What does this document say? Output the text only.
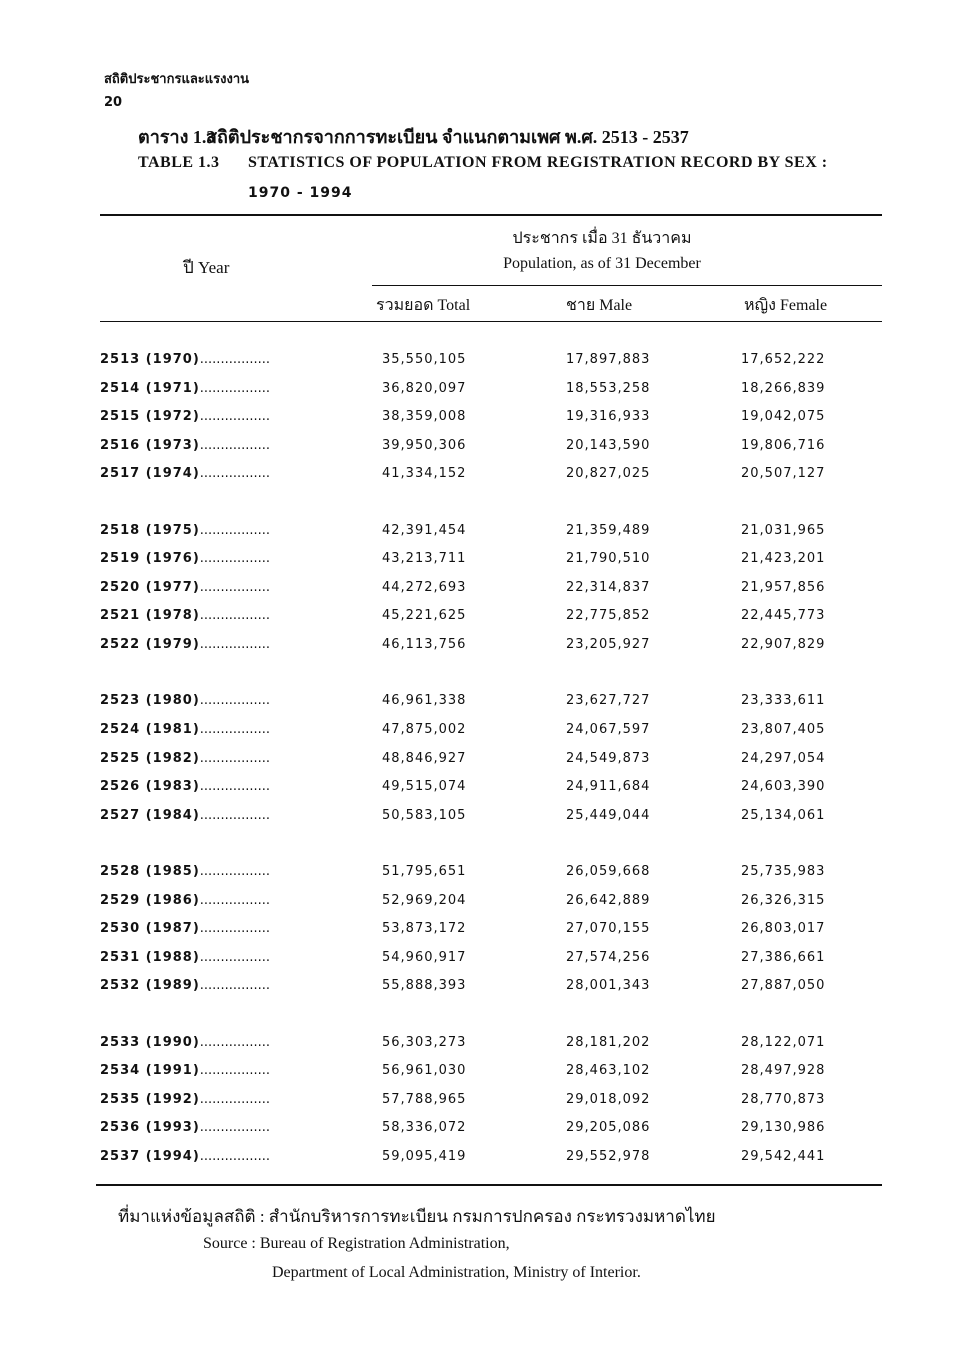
สถิติประชากรและแรงงาน
20
ตาราง 1.3สถิติประชากรจากการทะเบียน จำแนกตามเพศ พ.ศ. 2513 - 2537
TABLE 1.3 STATISTICS OF POPULATION FROM REGISTRATION RECORD BY SEX :
1970 - 1994
ปี Year
ประชากร เมื่อ 31 ธันวาคม
Population, as of 31 December
รวมยอด Total	ชาย Male	หญิง Female
2513 (1970).................	35,550,105	17,897,883	17,652,222
2514 (1971).................	36,820,097	18,553,258	18,266,839
2515 (1972).................	38,359,008	19,316,933	19,042,075
2516 (1973).................	39,950,306	20,143,590	19,806,716
2517 (1974).................	41,334,152	20,827,025	20,507,127
2518 (1975).................	42,391,454	21,359,489	21,031,965
2519 (1976).................	43,213,711	21,790,510	21,423,201
2520 (1977).................	44,272,693	22,314,837	21,957,856
2521 (1978).................	45,221,625	22,775,852	22,445,773
2522 (1979).................	46,113,756	23,205,927	22,907,829
2523 (1980).................	46,961,338	23,627,727	23,333,611
2524 (1981).................	47,875,002	24,067,597	23,807,405
2525 (1982).................	48,846,927	24,549,873	24,297,054
2526 (1983).................	49,515,074	24,911,684	24,603,390
2527 (1984).................	50,583,105	25,449,044	25,134,061
2528 (1985).................	51,795,651	26,059,668	25,735,983
2529 (1986).................	52,969,204	26,642,889	26,326,315
2530 (1987).................	53,873,172	27,070,155	26,803,017
2531 (1988).................	54,960,917	27,574,256	27,386,661
2532 (1989).................	55,888,393	28,001,343	27,887,050
2533 (1990).................	56,303,273	28,181,202	28,122,071
2534 (1991).................	56,961,030	28,463,102	28,497,928
2535 (1992).................	57,788,965	29,018,092	28,770,873
2536 (1993).................	58,336,072	29,205,086	29,130,986
2537 (1994).................	59,095,419	29,552,978	29,542,441
ที่มาแห่งข้อมูลสถิติ : สำนักบริหารการทะเบียน กรมการปกครอง กระทรวงมหาดไทย
Source : Bureau of Registration Administration,
Department of Local Administration, Ministry of Interior.
